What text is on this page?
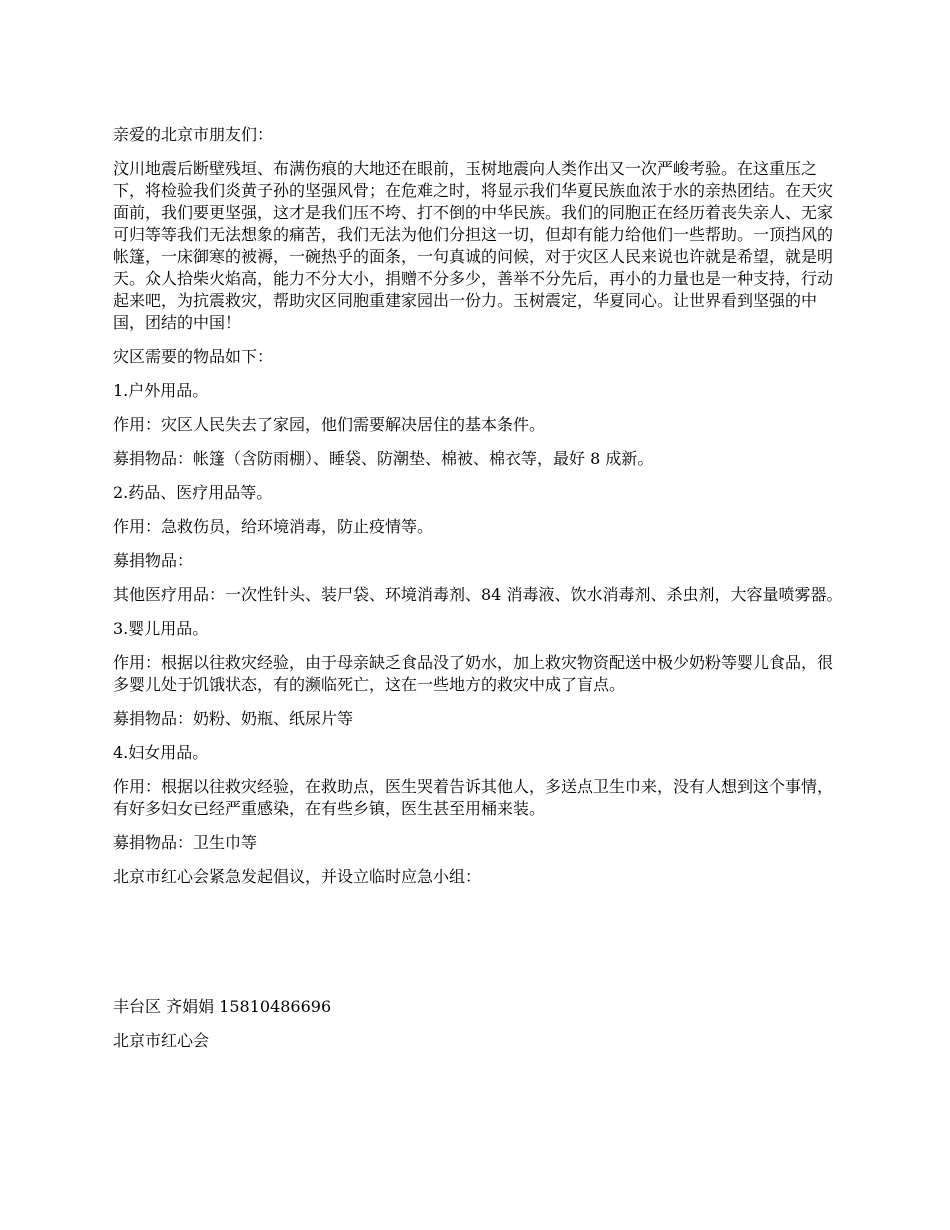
亲爱的北京市朋友们：

汶川地震后断壁残垣、布满伤痕的大地还在眼前，玉树地震向人类作出又一次严峻考验。在这重压之下，将检验我们炎黄子孙的坚强风骨；在危难之时，将显示我们华夏民族血浓于水的亲热团结。在天灾面前，我们要更坚强，这才是我们压不垮、打不倒的中华民族。我们的同胞正在经历着丧失亲人、无家可归等等我们无法想象的痛苦，我们无法为他们分担这一切，但却有能力给他们一些帮助。一顶挡风的帐篷，一床御寒的被褥，一碗热乎的面条，一句真诚的问候，对于灾区人民来说也许就是希望，就是明天。众人拾柴火焰高，能力不分大小，捐赠不分多少，善举不分先后，再小的力量也是一种支持，行动起来吧，为抗震救灾，帮助灾区同胞重建家园出一份力。玉树震定，华夏同心。让世界看到坚强的中国，团结的中国！

灾区需要的物品如下：

1.户外用品。

作用：灾区人民失去了家园，他们需要解决居住的基本条件。

募捐物品：帐篷（含防雨棚）、睡袋、防潮垫、棉被、棉衣等，最好 8 成新。

2.药品、医疗用品等。

作用：急救伤员，给环境消毒，防止疫情等。

募捐物品：

其他医疗用品：一次性针头、装尸袋、环境消毒剂、84 消毒液、饮水消毒剂、杀虫剂，大容量喷雾器。

3.婴儿用品。

作用：根据以往救灾经验，由于母亲缺乏食品没了奶水，加上救灾物资配送中极少奶粉等婴儿食品，很多婴儿处于饥饿状态，有的濒临死亡，这在一些地方的救灾中成了盲点。

募捐物品：奶粉、奶瓶、纸尿片等

4.妇女用品。

作用：根据以往救灾经验，在救助点，医生哭着告诉其他人，多送点卫生巾来，没有人想到这个事情，有好多妇女已经严重感染，在有些乡镇，医生甚至用桶来装。

募捐物品：卫生巾等

北京市红心会紧急发起倡议，并设立临时应急小组：

丰台区 齐娟娟 15810486696

北京市红心会
